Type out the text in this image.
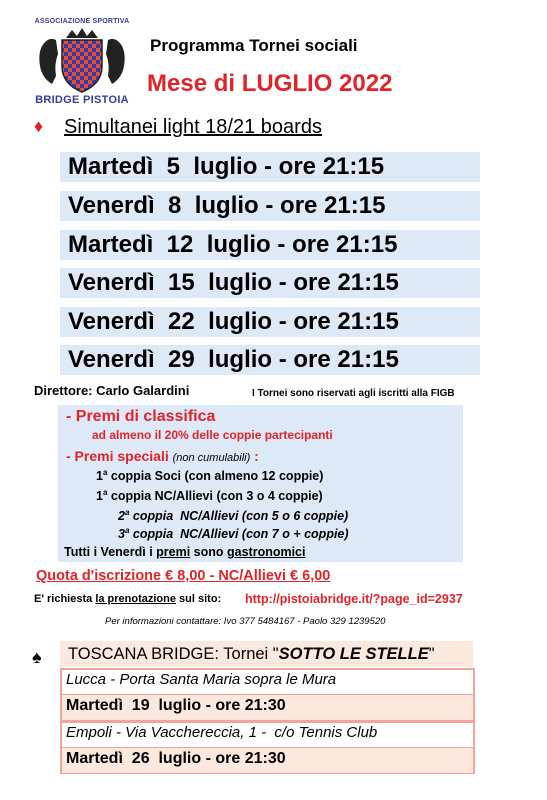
ASSOCIAZIONE SPORTIVA
BRIDGE PISTOIA
Programma Tornei sociali
Mese di LUGLIO 2022
♦ Simultanei light 18/21 boards
Martedì  5  luglio - ore 21:15
Venerdì  8  luglio - ore 21:15
Martedì  12  luglio - ore 21:15
Venerdì  15  luglio - ore 21:15
Venerdì  22  luglio - ore 21:15
Venerdì  29  luglio - ore 21:15
Direttore: Carlo Galardini	I Tornei sono riservati agli iscritti alla FIGB
- Premi di classifica
ad almeno il 20% delle coppie partecipanti
- Premi speciali (non cumulabili) :
1$^a$ coppia Soci (con almeno 12 coppie)
1$^a$ coppia NC/Allievi (con 3 o 4 coppie)
2$^a$ coppia  NC/Allievi (con 5 o 6 coppie)
3$^a$ coppia  NC/Allievi (con 7 o + coppie)
Tutti i Venerdì i premi sono gastronomici
Quota d'iscrizione € 8,00 - NC/Allievi € 6,00
E' richiesta la prenotazione sul sito: http://pistoiabridge.it/?page_id=2937
Per informazioni contattare: Ivo 377 5484167 - Paolo 329 1239520
♠ TOSCANA BRIDGE: Tornei "SOTTO LE STELLE"
Lucca - Porta Santa Maria sopra le Mura
Martedì  19  luglio - ore 21:30
Empoli - Via Vacchereccia, 1 -  c/o Tennis Club
Martedì  26  luglio - ore 21:30
